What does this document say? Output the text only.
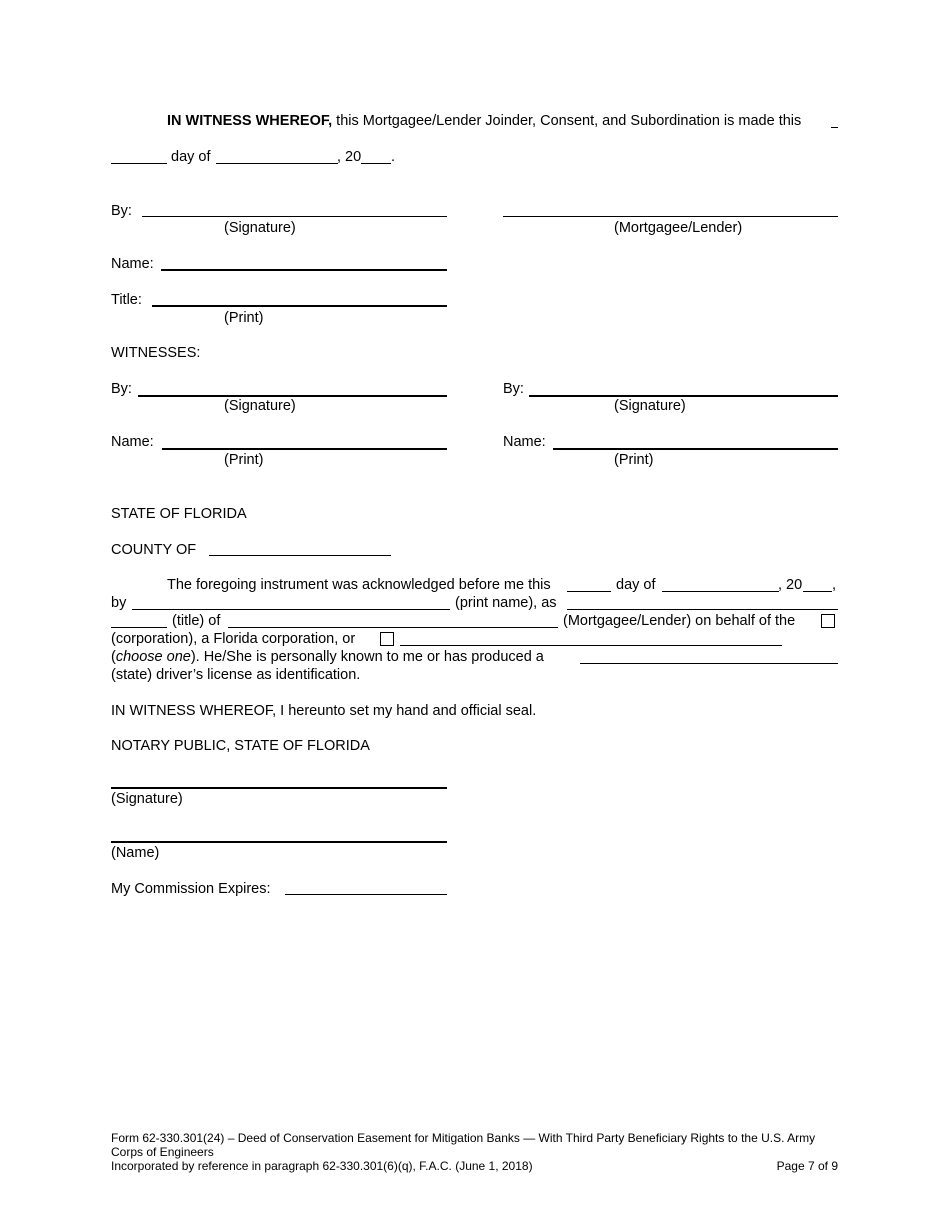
IN WITNESS WHEREOF, this Mortgagee/Lender Joinder, Consent, and Subordination is made this
day of	, 20 .
By:
(Signature)	(Mortgagee/Lender)
Name:
Title:
(Print)
WITNESSES:
By:
(Signature)
By:
(Signature)
Name:
(Print)
Name:
(Print)
STATE OF FLORIDA
COUNTY OF
The foregoing instrument was acknowledged before me this	day of	, 20 ,
by	(print name), as
(title) of	(Mortgagee/Lender) on behalf of the
(corporation), a Florida corporation, or
(choose one). He/She is personally known to me or has produced a
(state) driver’s license as identification.
IN WITNESS WHEREOF, I hereunto set my hand and official seal.
NOTARY PUBLIC, STATE OF FLORIDA
(Signature)
(Name)
My Commission Expires:
Form 62-330.301(24) – Deed of Conservation Easement for Mitigation Banks — With Third Party Beneficiary Rights to the U.S. Army
Corps of Engineers
Incorporated by reference in paragraph 62-330.301(6)(q), F.A.C. (June 1, 2018)	Page 7 of 9
